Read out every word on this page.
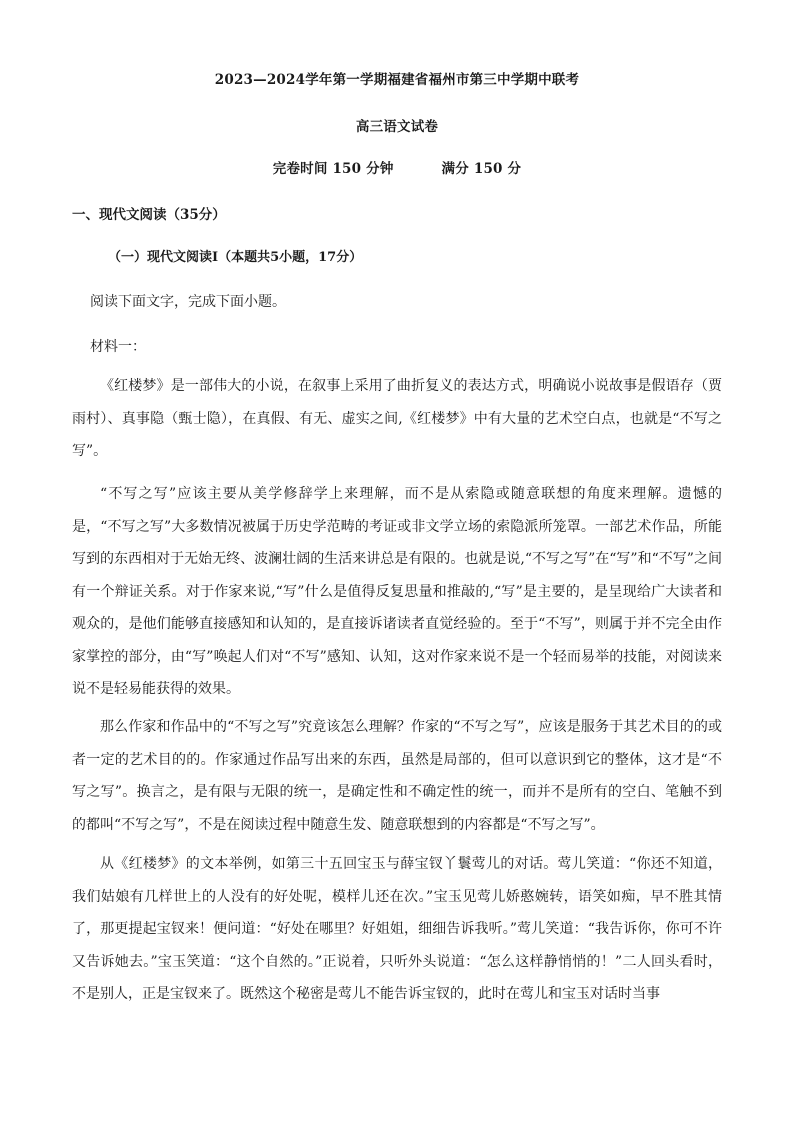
2023—2024学年第一学期福建省福州市第三中学期中联考
高三语文试卷
完卷时间 150 分钟	满分 150 分
一、现代文阅读（35分）
（一）现代文阅读Ⅰ（本题共5小题，17分）
阅读下面文字，完成下面小题。
材料一：

《红楼梦》是一部伟大的小说，在叙事上采用了曲折复义的表达方式，明确说小说故事是假语存（贾雨村）、真事隐（甄士隐），在真假、有无、虚实之间,《红楼梦》中有大量的艺术空白点，也就是“不写之写”。

“不写之写”应该主要从美学修辞学上来理解，而不是从索隐或随意联想的角度来理解。遗憾的是，“不写之写”大多数情况被属于历史学范畴的考证或非文学立场的索隐派所笼罩。一部艺术作品，所能写到的东西相对于无始无终、波澜壮阔的生活来讲总是有限的。也就是说,“不写之写”在“写”和“不写”之间有一个辩证关系。对于作家来说,“写”什么是值得反复思量和推敲的,“写”是主要的，是呈现给广大读者和观众的，是他们能够直接感知和认知的，是直接诉诸读者直觉经验的。至于“不写”，则属于并不完全由作家掌控的部分，由“写”唤起人们对“不写”感知、认知，这对作家来说不是一个轻而易举的技能，对阅读来说不是轻易能获得的效果。

那么作家和作品中的“不写之写”究竟该怎么理解？作家的“不写之写”，应该是服务于其艺术目的的或者一定的艺术目的的。作家通过作品写出来的东西，虽然是局部的，但可以意识到它的整体，这才是“不写之写”。换言之，是有限与无限的统一，是确定性和不确定性的统一，而并不是所有的空白、笔触不到的都叫“不写之写”，不是在阅读过程中随意生发、随意联想到的内容都是“不写之写”。

从《红楼梦》的文本举例，如第三十五回宝玉与薛宝钗丫鬟莺儿的对话。莺儿笑道：“你还不知道，我们姑娘有几样世上的人没有的好处呢，模样儿还在次。”宝玉见莺儿娇憨婉转，语笑如痴，早不胜其情了，那更提起宝钗来！便问道：“好处在哪里？好姐姐，细细告诉我听。”莺儿笑道：“我告诉你，你可不许又告诉她去。”宝玉笑道：“这个自然的。”正说着，只听外头说道：“怎么这样静悄悄的！”二人回头看时，不是别人，正是宝钗来了。既然这个秘密是莺儿不能告诉宝钗的，此时在莺儿和宝玉对话时当事
